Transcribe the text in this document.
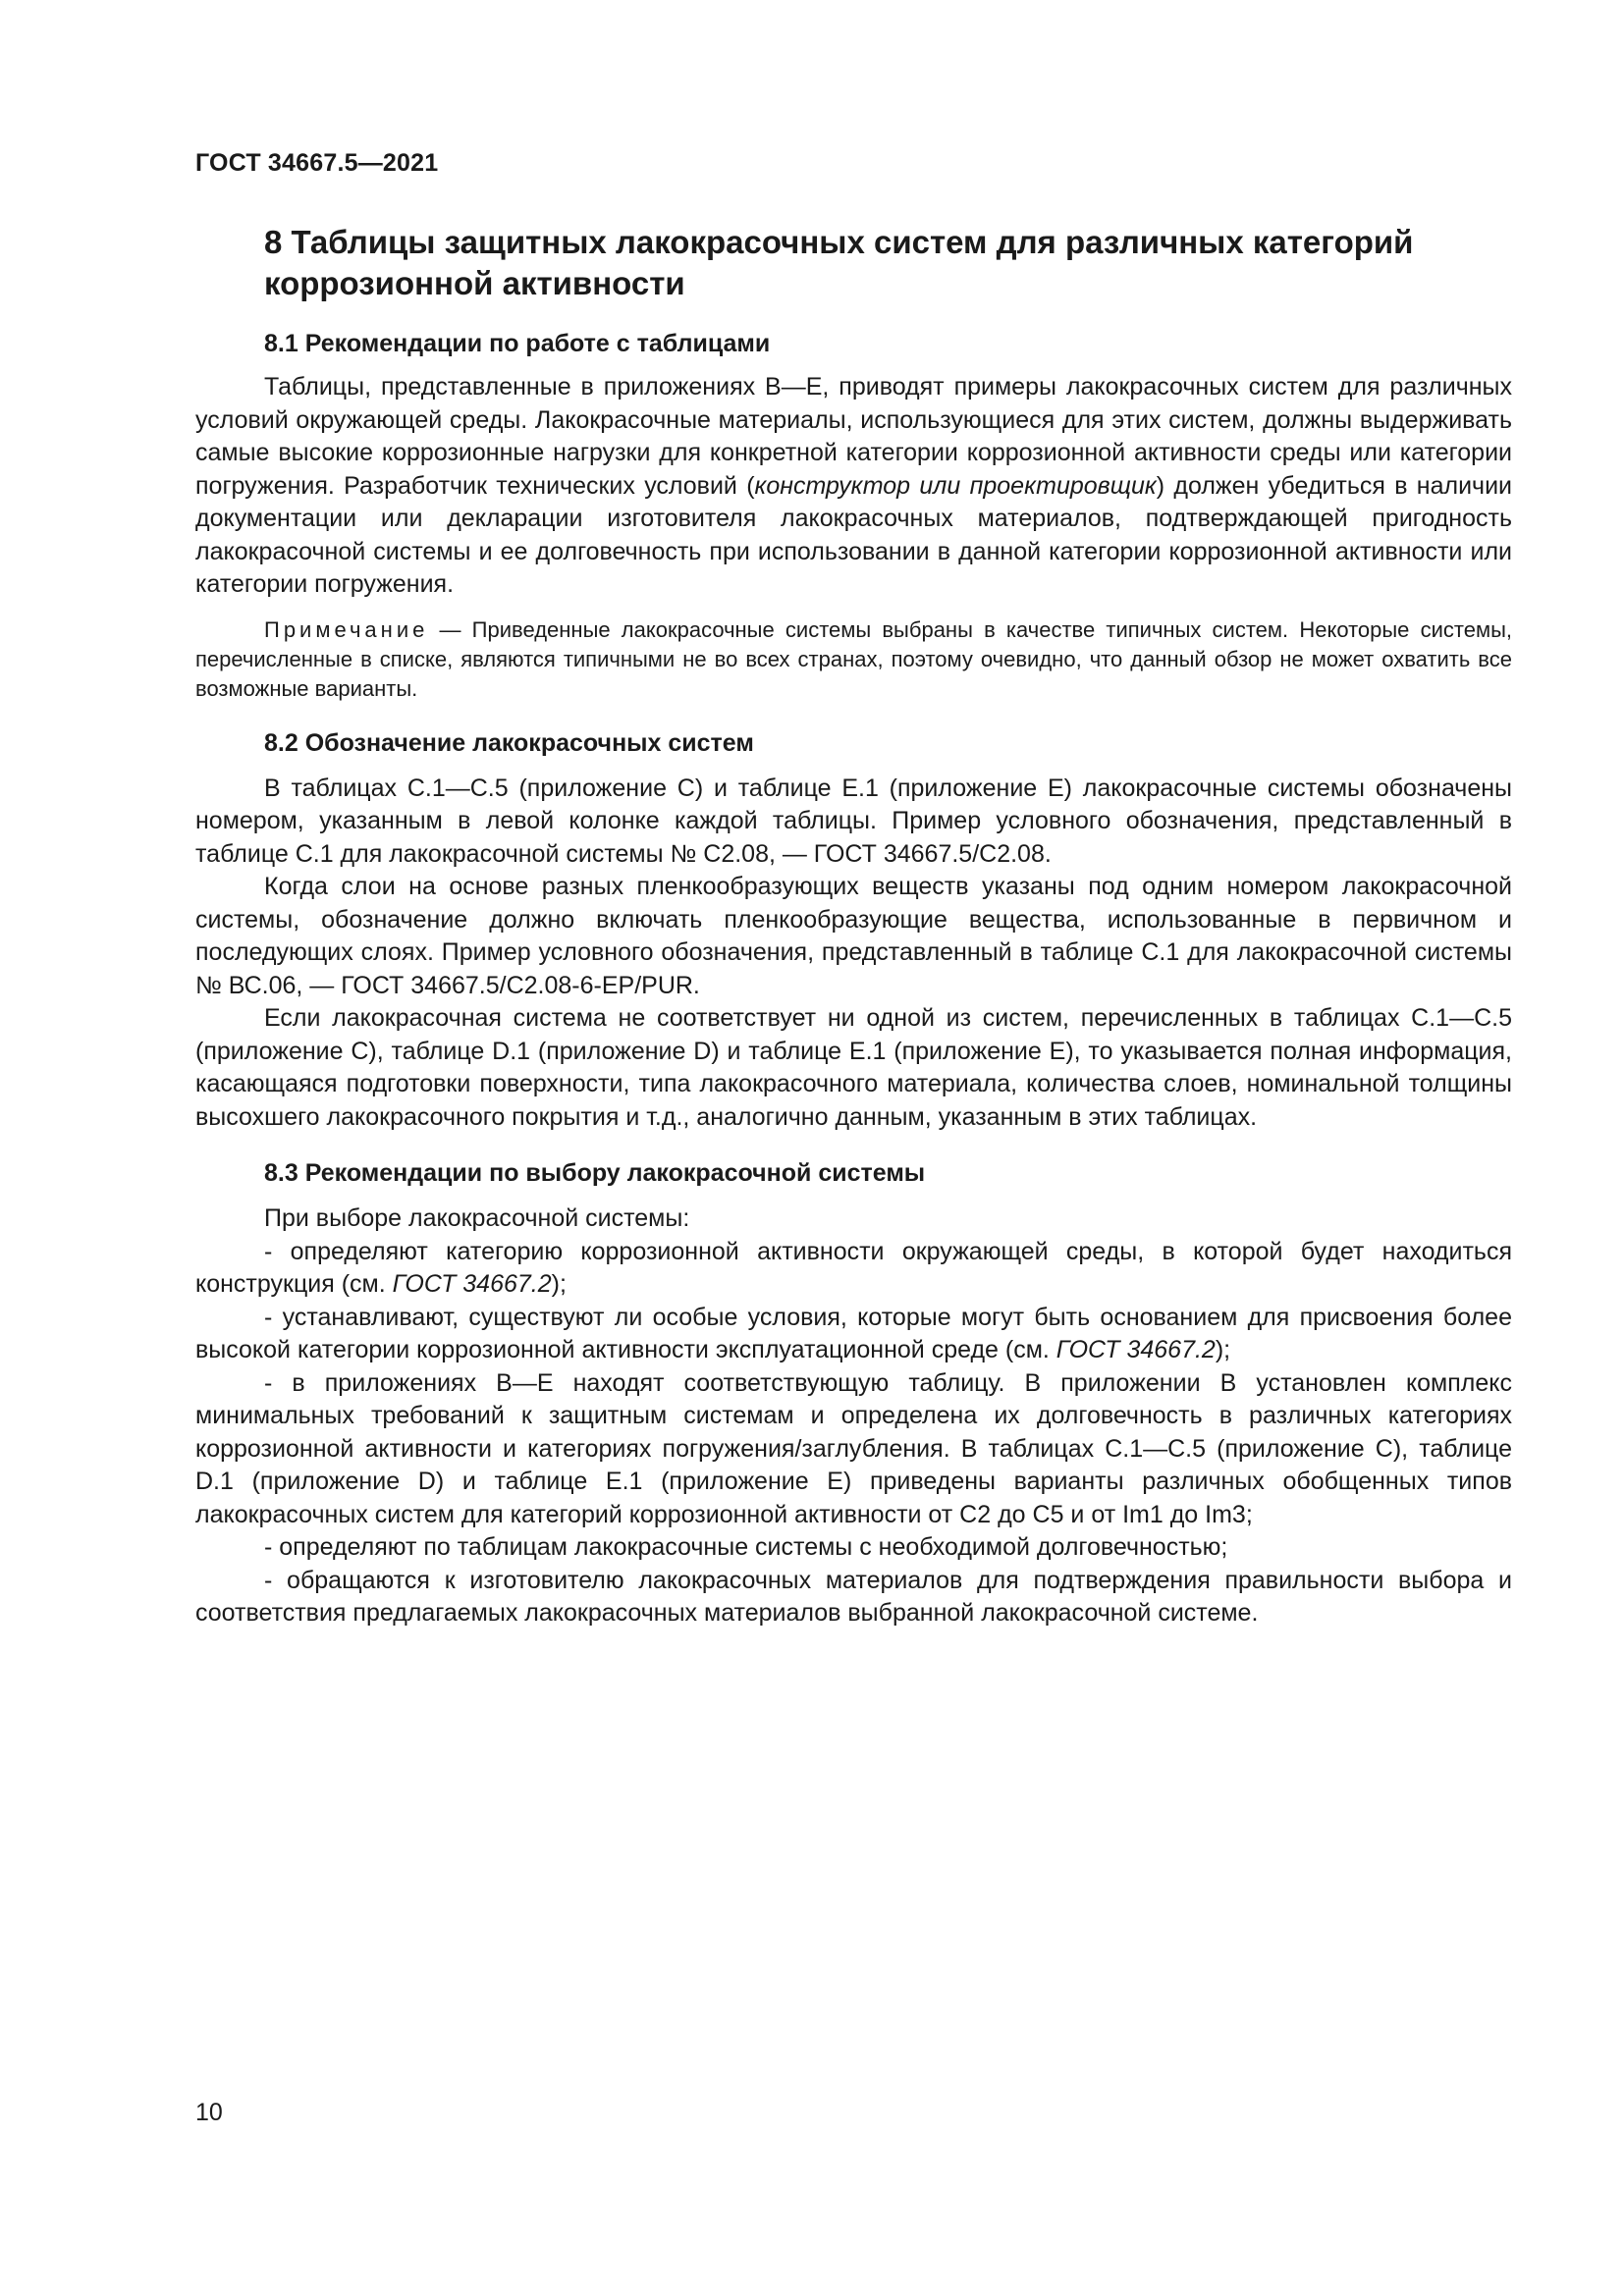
ГОСТ 34667.5—2021
8 Таблицы защитных лакокрасочных систем для различных категорий коррозионной активности
8.1 Рекомендации по работе с таблицами

Таблицы, представленные в приложениях В—Е, приводят примеры лакокрасочных систем для различных условий окружающей среды. Лакокрасочные материалы, использующиеся для этих систем, должны выдерживать самые высокие коррозионные нагрузки для конкретной категории коррозионной активности среды или категории погружения. Разработчик технических условий (конструктор или проектировщик) должен убедиться в наличии документации или декларации изготовителя лакокрасочных материалов, подтверждающей пригодность лакокрасочной системы и ее долговечность при использовании в данной категории коррозионной активности или категории погружения.

Примечание — Приведенные лакокрасочные системы выбраны в качестве типичных систем. Некоторые системы, перечисленные в списке, являются типичными не во всех странах, поэтому очевидно, что данный обзор не может охватить все возможные варианты.

8.2 Обозначение лакокрасочных систем

В таблицах С.1—С.5 (приложение С) и таблице Е.1 (приложение Е) лакокрасочные системы обозначены номером, указанным в левой колонке каждой таблицы. Пример условного обозначения, представленный в таблице С.1 для лакокрасочной системы № С2.08, — ГОСТ 34667.5/С2.08.

Когда слои на основе разных пленкообразующих веществ указаны под одним номером лакокрасочной системы, обозначение должно включать пленкообразующие вещества, использованные в первичном и последующих слоях. Пример условного обозначения, представленный в таблице С.1 для лакокрасочной системы № ВС.06, — ГОСТ 34667.5/С2.08-6-ЕР/PUR.

Если лакокрасочная система не соответствует ни одной из систем, перечисленных в таблицах С.1—С.5 (приложение С), таблице D.1 (приложение D) и таблице Е.1 (приложение Е), то указывается полная информация, касающаяся подготовки поверхности, типа лакокрасочного материала, количества слоев, номинальной толщины высохшего лакокрасочного покрытия и т.д., аналогично данным, указанным в этих таблицах.

8.3 Рекомендации по выбору лакокрасочной системы

При выборе лакокрасочной системы:

- определяют категорию коррозионной активности окружающей среды, в которой будет находиться конструкция (см. ГОСТ 34667.2);

- устанавливают, существуют ли особые условия, которые могут быть основанием для присвоения более высокой категории коррозионной активности эксплуатационной среде (см. ГОСТ 34667.2);

- в приложениях В—Е находят соответствующую таблицу. В приложении В установлен комплекс минимальных требований к защитным системам и определена их долговечность в различных категориях коррозионной активности и категориях погружения/заглубления. В таблицах С.1—С.5 (приложение С), таблице D.1 (приложение D) и таблице Е.1 (приложение Е) приведены варианты различных обобщенных типов лакокрасочных систем для категорий коррозионной активности от С2 до С5 и от Im1 до Im3;

- определяют по таблицам лакокрасочные системы с необходимой долговечностью;

- обращаются к изготовителю лакокрасочных материалов для подтверждения правильности выбора и соответствия предлагаемых лакокрасочных материалов выбранной лакокрасочной системе.

10
